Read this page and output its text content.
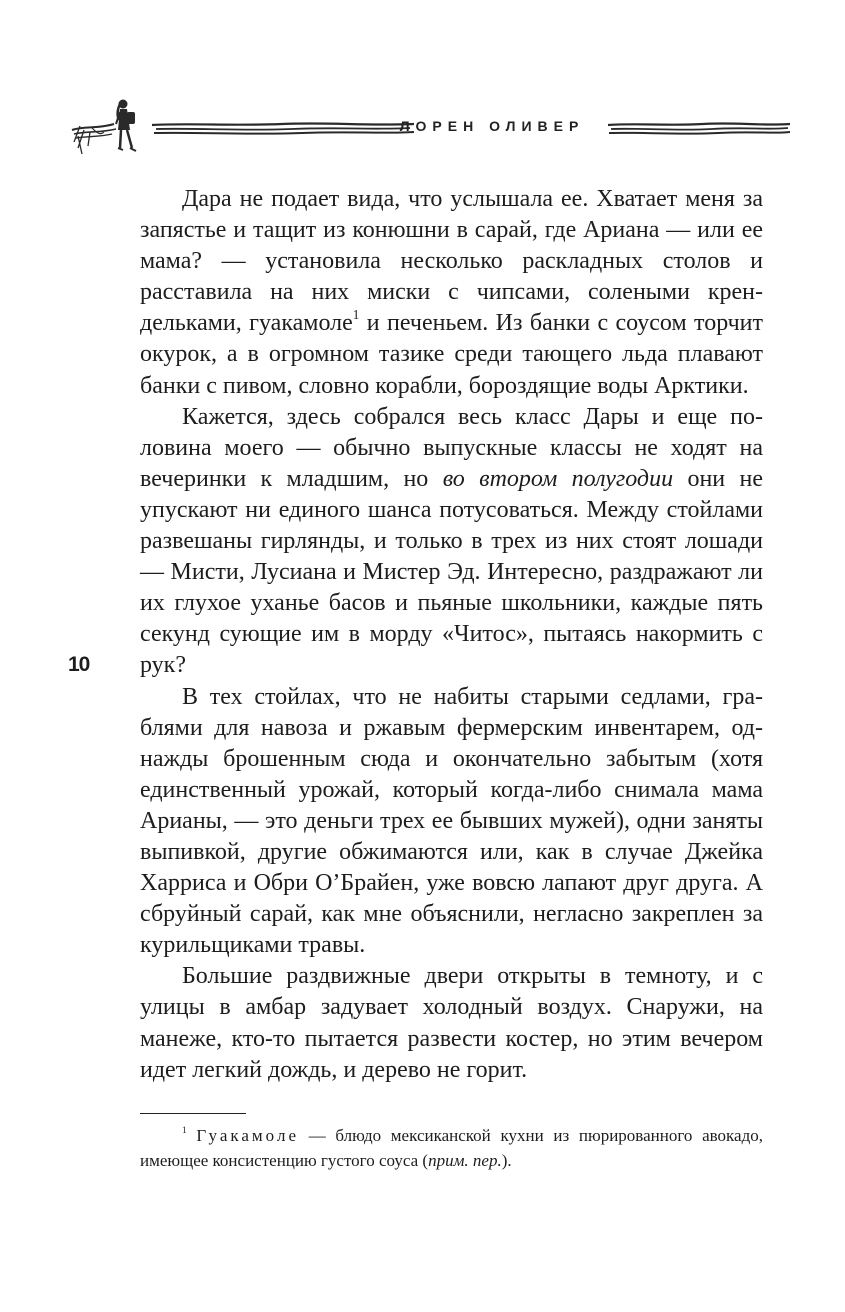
ЛОРЕН ОЛИВЕР
10

Дара не подает вида, что услышала ее. Хватает меня за запястье и тащит из конюшни в сарай, где Ариана — или ее мама? — установила несколько раскладных столов и расставила на них миски с чипсами, солеными крендельками, гуакамоле$^1$ и печеньем. Из банки с соусом торчит окурок, а в огромном тазике среди тающего льда плавают банки с пивом, словно корабли, бороздящие воды Арктики.

Кажется, здесь собрался весь класс Дары и еще половина моего — обычно выпускные классы не ходят на вечеринки к младшим, но во втором полугодии они не упускают ни единого шанса потусоваться. Между стойлами развешаны гирлянды, и только в трех из них стоят лошади — Мисти, Лусиана и Мистер Эд. Интересно, раздражают ли их глухое уханье басов и пьяные школьники, каждые пять секунд сующие им в морду «Читос», пытаясь накормить с рук?

В тех стойлах, что не набиты старыми седлами, граблями для навоза и ржавым фермерским инвентарем, однажды брошенным сюда и окончательно забытым (хотя единственный урожай, который когда-либо снимала мама Арианы, — это деньги трех ее бывших мужей), одни заняты выпивкой, другие обжимаются или, как в случае Джейка Харриса и Обри О’Брайен, уже вовсю лапают друг друга. А сбруйный сарай, как мне объяснили, негласно закреплен за курильщиками травы.

Большие раздвижные двери открыты в темноту, и с улицы в амбар задувает холодный воздух. Снаружи, на манеже, кто-то пытается развести костер, но этим вечером идет легкий дождь, и дерево не горит.

$^1$ Гуакамоле — блюдо мексиканской кухни из пюрированного авокадо, имеющее консистенцию густого соуса (прим. пер.).
